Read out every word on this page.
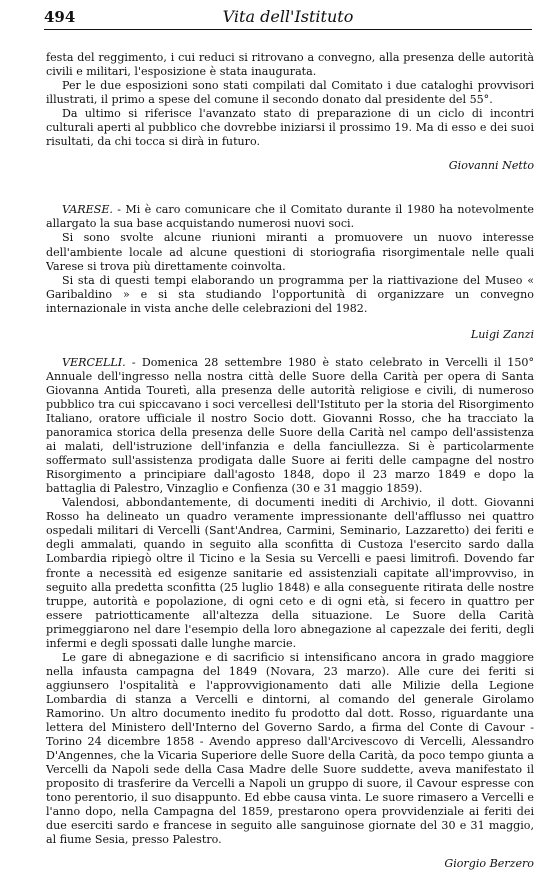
494	Vita dell'Istituto

festa del reggimento, i cui reduci si ritrovano a convegno, alla presenza delle autorità civili e militari, l'esposizione è stata inaugurata.

Per le due esposizioni sono stati compilati dal Comitato i due cataloghi provvisori illustrati, il primo a spese del comune il secondo donato dal presidente del 55°.

Da ultimo si riferisce l'avanzato stato di preparazione di un ciclo di incontri culturali aperti al pubblico che dovrebbe iniziarsi il prossimo 19. Ma di esso e dei suoi risultati, da chi tocca si dirà in futuro.

Giovanni Netto

VARESE. - Mi è caro comunicare che il Comitato durante il 1980 ha notevolmente allargato la sua base acquistando numerosi nuovi soci.

Si sono svolte alcune riunioni miranti a promuovere un nuovo interesse dell'ambiente locale ad alcune questioni di storiografia risorgimentale nelle quali Varese si trova più direttamente coinvolta.

Si sta di questi tempi elaborando un programma per la riattivazione del Museo « Garibaldino » e si sta studiando l'opportunità di organizzare un convegno internazionale in vista anche delle celebrazioni del 1982.

Luigi Zanzi

VERCELLI. - Domenica 28 settembre 1980 è stato celebrato in Vercelli il 150° Annuale dell'ingresso nella nostra città delle Suore della Carità per opera di Santa Giovanna Antida Touretì, alla presenza delle autorità religiose e civili, di numeroso pubblico tra cui spiccavano i soci vercellesi dell'Istituto per la storia del Risorgimento Italiano, oratore ufficiale il nostro Socio dott. Giovanni Rosso, che ha tracciato la panoramica storica della presenza delle Suore della Carità nel campo dell'assistenza ai malati, dell'istruzione dell'infanzia e della fanciullezza. Si è particolarmente soffermato sull'assistenza prodigata dalle Suore ai feriti delle campagne del nostro Risorgimento a principiare dall'agosto 1848, dopo il 23 marzo 1849 e dopo la battaglia di Palestro, Vinzaglio e Confienza (30 e 31 maggio 1859).

Valendosi, abbondantemente, di documenti inediti di Archivio, il dott. Giovanni Rosso ha delineato un quadro veramente impressionante dell'afflusso nei quattro ospedali militari di Vercelli (Sant'Andrea, Carmini, Seminario, Lazzaretto) dei feriti e degli ammalati, quando in seguito alla sconfitta di Custoza l'esercito sardo dalla Lombardia ripiegò oltre il Ticino e la Sesia su Vercelli e paesi limitrofi. Dovendo far fronte a necessità ed esigenze sanitarie ed assistenziali capitate all'improvviso, in seguito alla predetta sconfitta (25 luglio 1848) e alla conseguente ritirata delle nostre truppe, autorità e popolazione, di ogni ceto e di ogni età, si fecero in quattro per essere patriotticamente all'altezza della situazione. Le Suore della Carità primeggiarono nel dare l'esempio della loro abnegazione al capezzale dei feriti, degli infermi e degli spossati dalle lunghe marcie.

Le gare di abnegazione e di sacrificio si intensificano ancora in grado maggiore nella infausta campagna del 1849 (Novara, 23 marzo). Alle cure dei feriti si aggiunsero l'ospitalità e l'approvvigionamento dati alle Milizie della Legione Lombardia di stanza a Vercelli e dintorni, al comando del generale Girolamo Ramorino. Un altro documento inedito fu prodotto dal dott. Rosso, riguardante una lettera del Ministero dell'Interno del Governo Sardo, a firma del Conte di Cavour - Torino 24 dicembre 1858 - Avendo appreso dall'Arcivescovo di Vercelli, Alessandro D'Angennes, che la Vicaria Superiore delle Suore della Carità, da poco tempo giunta a Vercelli da Napoli sede della Casa Madre delle Suore suddette, aveva manifestato il proposito di trasferire da Vercelli a Napoli un gruppo di suore, il Cavour espresse con tono perentorio, il suo disappunto. Ed ebbe causa vinta. Le suore rimasero a Vercelli e l'anno dopo, nella Campagna del 1859, prestarono opera provvidenziale ai feriti dei due eserciti sardo e francese in seguito alle sanguinose giornate del 30 e 31 maggio, al fiume Sesia, presso Palestro.

Giorgio Berzero
